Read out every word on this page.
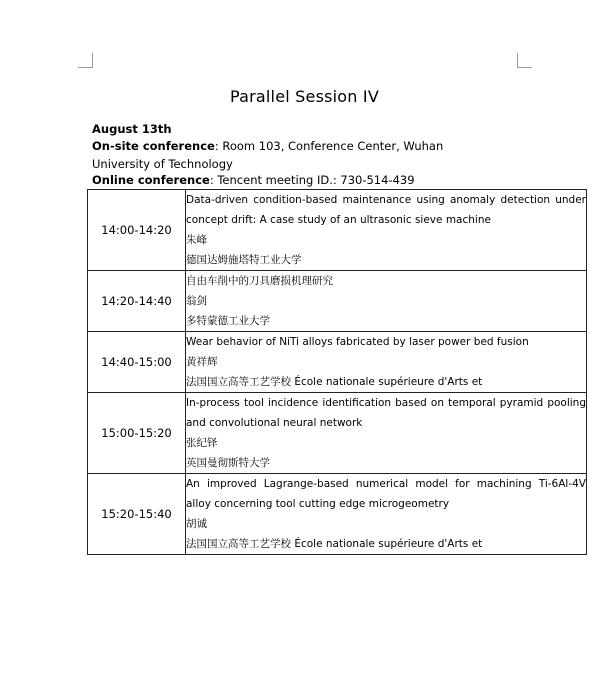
Parallel Session IV
August 13th
On-site conference: Room 103, Conference Center, Wuhan University of Technology
Online conference: Tencent meeting ID.: 730-514-439
14:00-14:20	Data-driven condition-based maintenance using anomaly detection under concept drift: A case study of an ultrasonic sieve machine
朱峰
德国达姆施塔特工业大学

14:20-14:40	自由车削中的刀具磨损机理研究
翁剑
多特蒙德工业大学

14:40-15:00	Wear behavior of NiTi alloys fabricated by laser power bed fusion
黄祥辉
法国国立高等工艺学校 École nationale supérieure d'Arts et

15:00-15:20	In-process tool incidence identification based on temporal pyramid pooling and convolutional neural network
张纪铎
英国曼彻斯特大学

15:20-15:40	An improved Lagrange-based numerical model for machining Ti-6Al-4V alloy concerning tool cutting edge microgeometry
胡诚
法国国立高等工艺学校 École nationale supérieure d'Arts et
